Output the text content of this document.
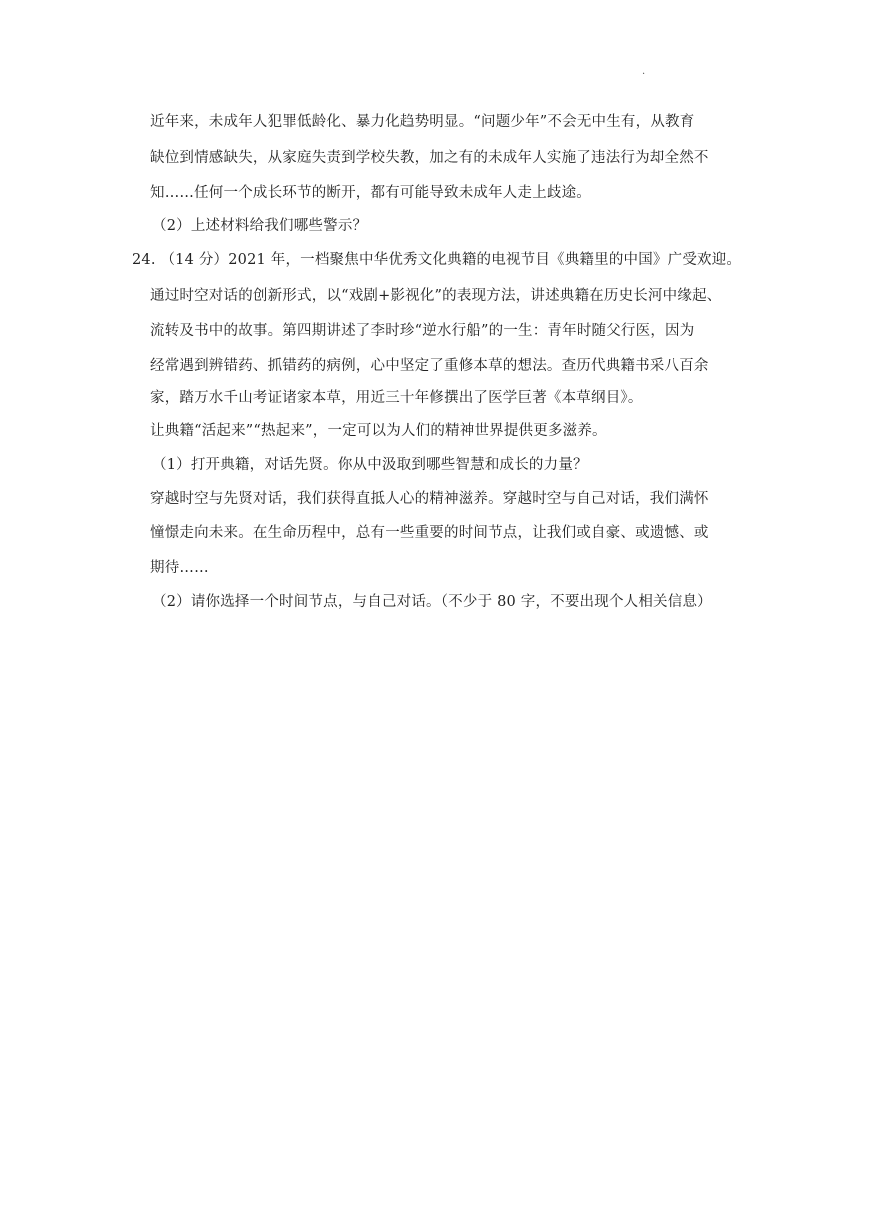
.
近年来，未成年人犯罪低龄化、暴力化趋势明显。“问题少年”不会无中生有，从教育
缺位到情感缺失，从家庭失责到学校失教，加之有的未成年人实施了违法行为却全然不
知……任何一个成长环节的断开，都有可能导致未成年人走上歧途。
（2）上述材料给我们哪些警示？
24. （14 分）2021 年，一档聚焦中华优秀文化典籍的电视节目《典籍里的中国》广受欢迎。
通过时空对话的创新形式，以“戏剧+影视化”的表现方法，讲述典籍在历史长河中缘起、
流转及书中的故事。第四期讲述了李时珍“逆水行船”的一生：青年时随父行医，因为
经常遇到辨错药、抓错药的病例，心中坚定了重修本草的想法。查历代典籍书采八百余
家，踏万水千山考证诸家本草，用近三十年修撰出了医学巨著《本草纲目》。
让典籍“活起来”“热起来”，一定可以为人们的精神世界提供更多滋养。
（1）打开典籍，对话先贤。你从中汲取到哪些智慧和成长的力量？
穿越时空与先贤对话，我们获得直抵人心的精神滋养。穿越时空与自己对话，我们满怀
憧憬走向未来。在生命历程中，总有一些重要的时间节点，让我们或自豪、或遗憾、或
期待……
（2）请你选择一个时间节点，与自己对话。（不少于 80 字，不要出现个人相关信息）
